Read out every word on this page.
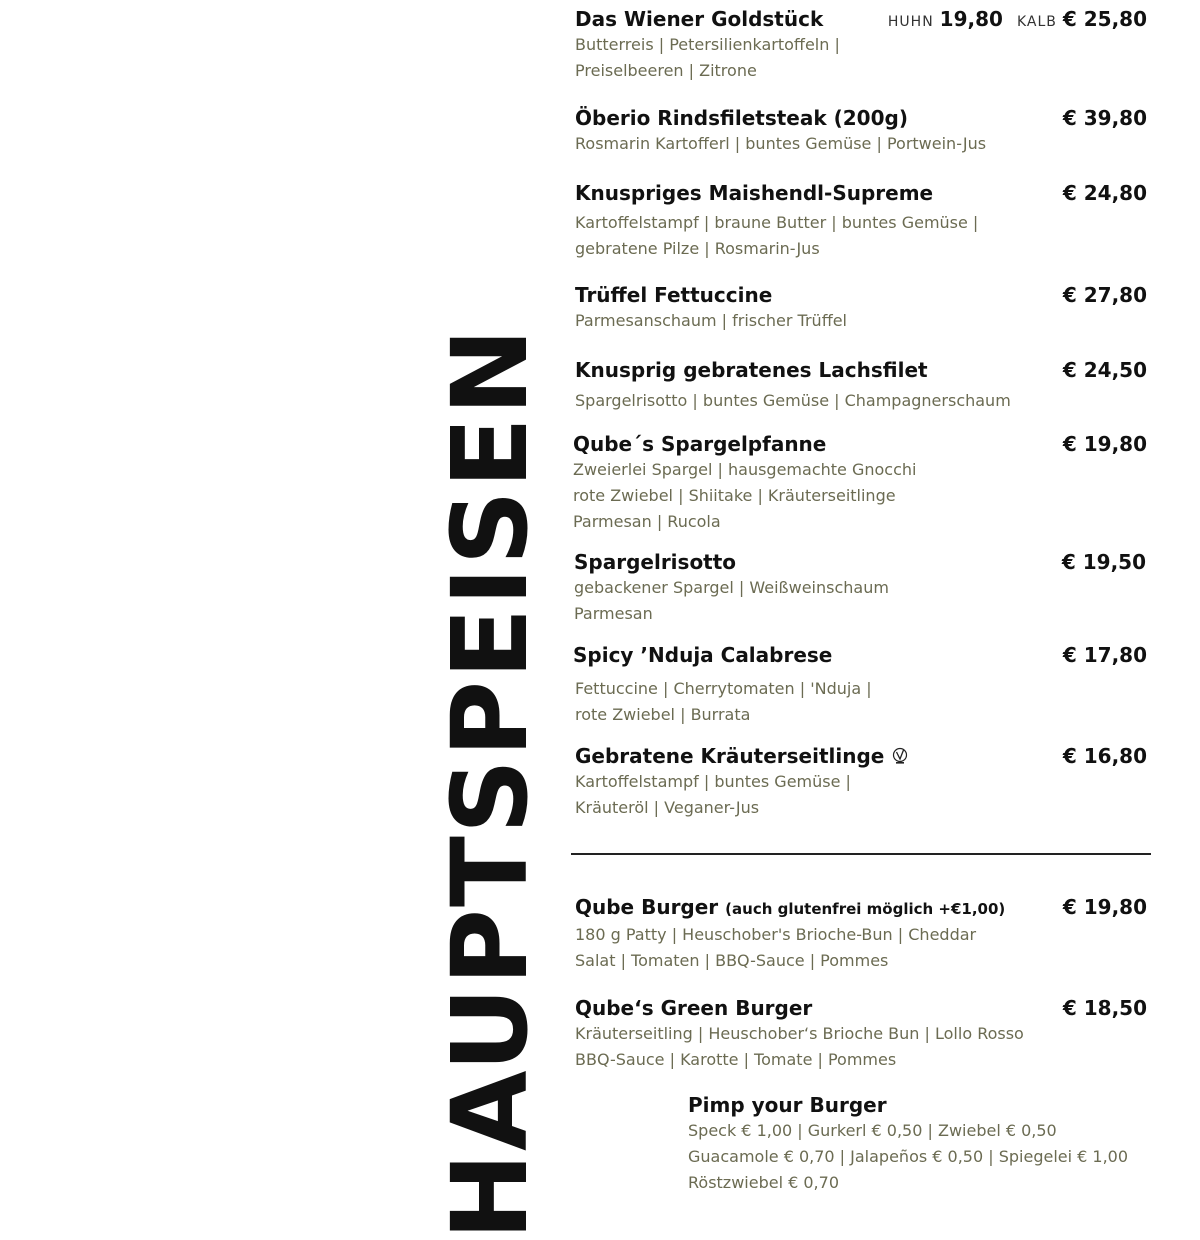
HAUPTSPEISEN
Das Wiener Goldstück	HUHN 19,80 KALB € 25,80
Butterreis | Petersilienkartoffeln |
Preiselbeeren | Zitrone
Öberio Rindsfiletsteak (200g)	€ 39,80
Rosmarin Kartofferl | buntes Gemüse | Portwein-Jus
Knuspriges Maishendl-Supreme	€ 24,80
Kartoffelstampf | braune Butter | buntes Gemüse |
gebratene Pilze | Rosmarin-Jus
Trüffel Fettuccine	€ 27,80
Parmesanschaum | frischer Trüffel
Knusprig gebratenes Lachsfilet	€ 24,50
Spargelrisotto | buntes Gemüse | Champagnerschaum
Qube´s Spargelpfanne	€ 19,80
Zweierlei Spargel | hausgemachte Gnocchi
rote Zwiebel | Shiitake | Kräuterseitlinge
Parmesan | Rucola
Spargelrisotto	€ 19,50
gebackener Spargel | Weißweinschaum
Parmesan
Spicy ’Nduja Calabrese	€ 17,80
Fettuccine | Cherrytomaten | 'Nduja |
rote Zwiebel | Burrata
Gebratene Kräuterseitlinge	€ 16,80
Kartoffelstampf | buntes Gemüse |
Kräuteröl | Veganer-Jus
Qube Burger (auch glutenfrei möglich +€1,00)	€ 19,80
180 g Patty | Heuschober's Brioche-Bun | Cheddar
Salat | Tomaten | BBQ-Sauce | Pommes
Qube‘s Green Burger	€ 18,50
Kräuterseitling | Heuschober‘s Brioche Bun | Lollo Rosso
BBQ-Sauce | Karotte | Tomate | Pommes
Pimp your Burger
Speck € 1,00 | Gurkerl € 0,50 | Zwiebel € 0,50
Guacamole € 0,70 | Jalapeños € 0,50 | Spiegelei € 1,00
Röstzwiebel € 0,70
